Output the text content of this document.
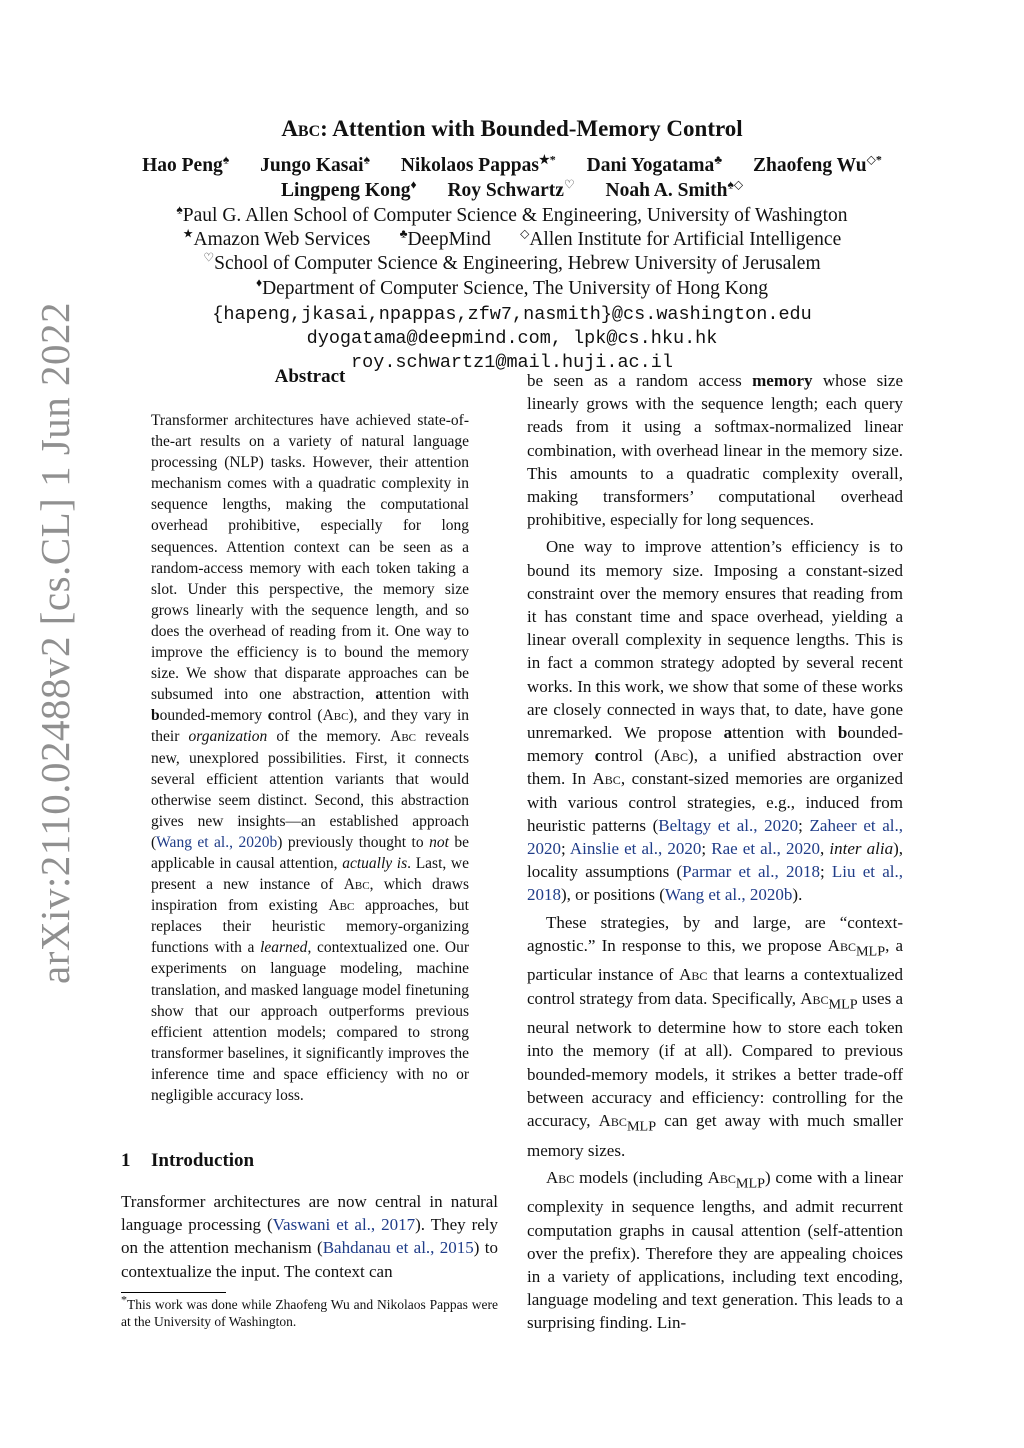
arXiv:2110.02488v2 [cs.CL] 1 Jun 2022
Abc: Attention with Bounded-Memory Control
Hao Peng♠ Jungo Kasai♠ Nikolaos Pappas★* Dani Yogatama♣ Zhaofeng Wu◇*
Lingpeng Kong♦ Roy Schwartz♡ Noah A. Smith♠◇
♠Paul G. Allen School of Computer Science & Engineering, University of Washington
★Amazon Web Services ♣DeepMind ◇Allen Institute for Artificial Intelligence
♡School of Computer Science & Engineering, Hebrew University of Jerusalem
♦Department of Computer Science, The University of Hong Kong
{hapeng,jkasai,npappas,zfw7,nasmith}@cs.washington.edu
dyogatama@deepmind.com, lpk@cs.hku.hk
roy.schwartz1@mail.huji.ac.il
Abstract
Transformer architectures have achieved state-of-the-art results on a variety of natural language processing (NLP) tasks. However, their attention mechanism comes with a quadratic complexity in sequence lengths, making the computational overhead prohibitive, especially for long sequences. Attention context can be seen as a random-access memory with each token taking a slot. Under this perspective, the memory size grows linearly with the sequence length, and so does the overhead of reading from it. One way to improve the efficiency is to bound the memory size. We show that disparate approaches can be subsumed into one abstraction, attention with bounded-memory control (Abc), and they vary in their organization of the memory. Abc reveals new, unexplored possibilities. First, it connects several efficient attention variants that would otherwise seem distinct. Second, this abstraction gives new insights—an established approach (Wang et al., 2020b) previously thought to not be applicable in causal attention, actually is. Last, we present a new instance of Abc, which draws inspiration from existing Abc approaches, but replaces their heuristic memory-organizing functions with a learned, contextualized one. Our experiments on language modeling, machine translation, and masked language model finetuning show that our approach outperforms previous efficient attention models; compared to strong transformer baselines, it significantly improves the inference time and space efficiency with no or negligible accuracy loss.
1 Introduction
Transformer architectures are now central in natural language processing (Vaswani et al., 2017). They rely on the attention mechanism (Bahdanau et al., 2015) to contextualize the input. The context can
*This work was done while Zhaofeng Wu and Nikolaos Pappas were at the University of Washington.

be seen as a random access memory whose size linearly grows with the sequence length; each query reads from it using a softmax-normalized linear combination, with overhead linear in the memory size. This amounts to a quadratic complexity overall, making transformers’ computational overhead prohibitive, especially for long sequences.

One way to improve attention’s efficiency is to bound its memory size. Imposing a constant-sized constraint over the memory ensures that reading from it has constant time and space overhead, yielding a linear overall complexity in sequence lengths. This is in fact a common strategy adopted by several recent works. In this work, we show that some of these works are closely connected in ways that, to date, have gone unremarked. We propose attention with bounded-memory control (Abc), a unified abstraction over them. In Abc, constant-sized memories are organized with various control strategies, e.g., induced from heuristic patterns (Beltagy et al., 2020; Zaheer et al., 2020; Ainslie et al., 2020; Rae et al., 2020, inter alia), locality assumptions (Parmar et al., 2018; Liu et al., 2018), or positions (Wang et al., 2020b).

These strategies, by and large, are “context-agnostic.” In response to this, we propose Abc$_{MLP}$, a particular instance of Abc that learns a contextualized control strategy from data. Specifically, Abc$_{MLP}$ uses a neural network to determine how to store each token into the memory (if at all). Compared to previous bounded-memory models, it strikes a better trade-off between accuracy and efficiency: controlling for the accuracy, Abc$_{MLP}$ can get away with much smaller memory sizes.

Abc models (including Abc$_{MLP}$) come with a linear complexity in sequence lengths, and admit recurrent computation graphs in causal attention (self-attention over the prefix). Therefore they are appealing choices in a variety of applications, including text encoding, language modeling and text generation. This leads to a surprising finding. Lin-
